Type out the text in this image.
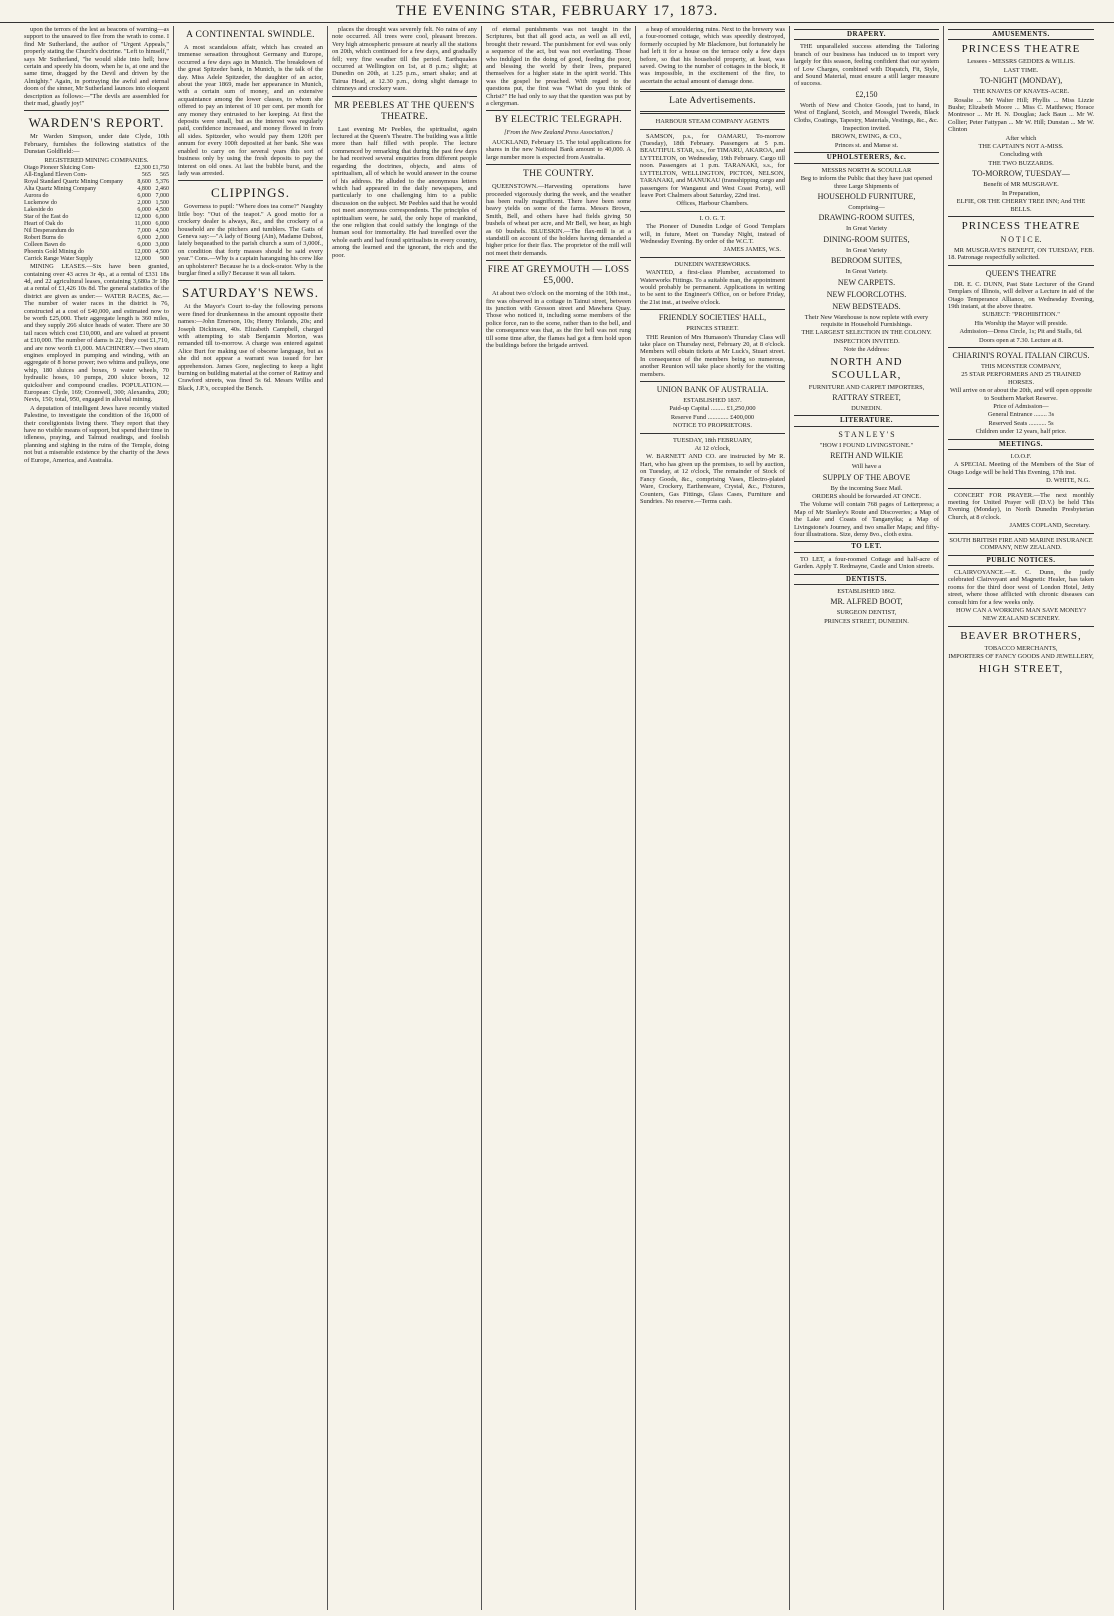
THE EVENING STAR, FEBRUARY 17, 1873.

upon the terrors of the lest as beacons of warning—as support to the unsaved to flee from the wrath to come. I find Mr Sutherland, the author of "Urgent Appeals," properly stating the Church's doctrine. "Left to himself," says Mr Sutherland, "he would slide into hell; how certain and speedy his doom, when he is, at one and the same time, dragged by the Devil and driven by the Almighty." Again, in portraying the awful and eternal doom of the sinner, Mr Sutherland launces into eloquent description as follows:—"The devils are assembled for their mad, ghastly joy!"

WARDEN'S REPORT.

Mr Warden Simpson, under date Clyde, 10th February, furnishes the following statistics of the Dunstan Goldfield:—

REGISTERED MINING COMPANIES.
Otago Pioneer Sluicing Com-	£2,300	£1,750
All-England Eleven Com-	565	565
Royal Standard Quartz Mining Company	8,600	5,376
Alta Quartz Mining Company	4,800	2,460
Aurora do	6,000	7,000
Luckenow do	2,000	1,500
Lakeside do	6,000	4,500
Star of the East do	12,000	6,000
Heart of Oak do	11,000	6,000
Nil Desperandum do	7,000	4,500
Robert Burns do	6,000	2,000
Colleen Bawn do	6,000	3,000
Phoenix Gold Mining do	12,000	4,500
Carrick Range Water Supply	12,000	900

MINING LEASES.—Six have been granted, containing over 43 acres 3r 4p., at a rental of £331 18s 4d, and 22 agricultural leases, containing 3,680a 3r 18p at a rental of £1,426 10s 8d. The general statistics of the district are given as under:— WATER RACES, &c.—The number of water races in the district is 76, constructed at a cost of £40,000, and estimated now to be worth £25,000. Their aggregate length is 360 miles, and they supply 266 sluice heads of water. There are 30 tail races which cost £10,000, and are valued at present at £10,000. The number of dams is 22; they cost £1,710, and are now worth £1,000. MACHINERY.—Two steam engines employed in pumping and winding, with an aggregate of 8 horse power; two whims and pulleys, one whip, 180 sluices and boxes, 9 water wheels, 70 hydraulic hoses, 10 pumps, 200 sluice boxes, 12 quicksilver and compound cradles. POPULATION.—European: Clyde, 169; Cromwell, 300; Alexandra, 200; Nevis, 150; total, 950, engaged in alluvial mining.

A deputation of intelligent Jews have recently visited Palestine, to investigate the condition of the 16,000 of their coreligionists living there. They report that they have no visible means of support, but spend their time in idleness, praying, and Talmud readings, and foolish planning and sighing in the ruins of the Temple, doing not but a miserable existence by the charity of the Jews of Europe, America, and Australia.

A CONTINENTAL SWINDLE.

A most scandalous affair, which has created an immense sensation throughout Germany and Europe, occurred a few days ago in Munich. The breakdown of the great Spitzeder bank, in Munich, is the talk of the day. Miss Adele Spitzeder, the daughter of an actor, about the year 1869, made her appearance in Munich, with a certain sum of money, and an extensive acquaintance among the lower classes, to whom she offered to pay an interest of 10 per cent. per month for any money they entrusted to her keeping. At first the deposits were small, but as the interest was regularly paid, confidence increased, and money flowed in from all sides. Spitzeder, who would pay them 120ft per annum for every 100ft deposited at her bank. She was enabled to carry on for several years this sort of business only by using the fresh deposits to pay the interest on old ones. At last the bubble burst, and the lady was arrested.

CLIPPINGS.

Governess to pupil: "Where does tea come?" Naughty little boy: "Out of the teapot." A good motto for a crockery dealer is always, &c., and the crockery of a household are the pitchers and tumblers. The Gatts of Geneva say:—"A lady of Bourg (Ain), Madame Dubost, lately bequeathed to the parish church a sum of 3,000f., on condition that forty masses should be said every year." Cons.—Why is a captain haranguing his crew like an upholsterer? Because he is a dock-orator. Why is the burglar fined a silly? Because it was all taken.

SATURDAY'S NEWS.

At the Mayor's Court to-day the following persons were fined for drunkenness in the amount opposite their names:—John Emerson, 10s; Henry Holands, 20s; and Joseph Dickinson, 40s. Elizabeth Campbell, charged with attempting to stab Benjamin Morton, was remanded till to-morrow. A charge was entered against Alice Burt for making use of obscene language, but as she did not appear a warrant was issued for her apprehension. James Gore, neglecting to keep a light burning on building material at the corner of Rattray and Crawford streets, was fined 5s 6d. Messrs Willis and Black, J.P.'s, occupied the Bench.

places the drought was severely felt. No rains of any note occurred. All trees were cool, pleasant breezes. Very high atmospheric pressure at nearly all the stations on 20th, which continued for a few days, and gradually fell; very fine weather till the period. Earthquakes occurred at Wellington on 1st, at 8 p.m.; slight; at Dunedin on 20th, at 1.25 p.m., smart shake; and at Tairua Head, at 12.30 p.m., doing slight damage to chimneys and crockery ware.

MR PEEBLES AT THE QUEEN'S THEATRE.

Last evening Mr Peebles, the spiritualist, again lectured at the Queen's Theatre. The building was a little more than half filled with people. The lecture commenced by remarking that during the past few days he had received several enquiries from different people regarding the doctrines, objects, and aims of spiritualism, all of which he would answer in the course of his address. He alluded to the anonymous letters which had appeared in the daily newspapers, and particularly to one challenging him to a public discussion on the subject. Mr Peebles said that he would not meet anonymous correspondents. The principles of spiritualism were, he said, the only hope of mankind, the one religion that could satisfy the longings of the human soul for immortality. He had travelled over the whole earth and had found spiritualists in every country, among the learned and the ignorant, the rich and the poor.

of eternal punishments was not taught in the Scriptures, but that all good acts, as well as all evil, brought their reward. The punishment for evil was only a sequence of the act, but was not everlasting. Those who indulged in the doing of good, feeding the poor, and blessing the world by their lives, prepared themselves for a higher state in the spirit world. This was the gospel he preached. With regard to the questions put, the first was "What do you think of Christ?" He had only to say that the question was put by a clergyman.

BY ELECTRIC TELEGRAPH.
[From the New Zealand Press Association.]

AUCKLAND, February 15. The total applications for shares in the new National Bank amount to 40,000. A large number more is expected from Australia.

THE COUNTRY.

QUEENSTOWN.—Harvesting operations have proceeded vigorously during the week, and the weather has been really magnificent. There have been some heavy yields on some of the farms. Messrs Brown, Smith, Bell, and others have had fields giving 50 bushels of wheat per acre, and Mr Bell, we hear, as high as 60 bushels. BLUESKIN.—The flax-mill is at a standstill on account of the holders having demanded a higher price for their flax. The proprietor of the mill will not meet their demands.

FIRE AT GREYMOUTH — LOSS £5,000.

At about two o'clock on the morning of the 10th inst., fire was observed in a cottage in Tainui street, between its junction with Gresson street and Mawhera Quay. Those who noticed it, including some members of the police force, ran to the scene, rather than to the bell, and the consequence was that, as the fire bell was not rung till some time after, the flames had got a firm hold upon the buildings before the brigade arrived.

a heap of smouldering ruins. Next to the brewery was a four-roomed cottage, which was speedily destroyed, formerly occupied by Mr Blackmore, but fortunately he had left it for a house on the terrace only a few days before, so that his household property, at least, was saved. Owing to the number of cottages in the block, it was impossible, in the excitement of the fire, to ascertain the actual amount of damage done.

Late Advertisements.
HARBOUR STEAM COMPANY AGENTS

SAMSON, p.s., for OAMARU, To-morrow (Tuesday), 18th February. Passengers at 5 p.m. BEAUTIFUL STAR, s.s., for TIMARU, AKAROA, and LYTTELTON, on Wednesday, 19th February. Cargo till noon. Passengers at 1 p.m. TARANAKI, s.s., for LYTTELTON, WELLINGTON, PICTON, NELSON, TARANAKI, and MANUKAU (transshipping cargo and passengers for Wanganui and West Coast Ports), will leave Port Chalmers about Saturday, 22nd inst.

Offices, Harbour Chambers.
I. O. G. T.

The Pioneer of Dunedin Lodge of Good Templars will, in future, Meet on Tuesday Night, instead of Wednesday Evening. By order of the W.C.T.

JAMES JAMES, W.S.
DUNEDIN WATERWORKS.

WANTED, a first-class Plumber, accustomed to Waterworks Fittings. To a suitable man, the appointment would probably be permanent. Applications in writing to be sent to the Engineer's Office, on or before Friday, the 21st inst., at twelve o'clock.

FRIENDLY SOCIETIES' HALL,
PRINCES STREET.

THE Reunion of Mrs Humason's Thursday Class will take place on Thursday next, February 20, at 8 o'clock. Members will obtain tickets at Mr Luck's, Stuart street. In consequence of the members being so numerous, another Reunion will take place shortly for the visiting members.

UNION BANK OF AUSTRALIA.
ESTABLISHED 1837.
Paid-up Capital ......... £1,250,000
Reserve Fund ............. £400,000
NOTICE TO PROPRIETORS.
TUESDAY, 18th FEBRUARY,
At 12 o'clock,

W. BARNETT AND CO. are instructed by Mr R. Hart, who has given up the premises, to sell by auction, on Tuesday, at 12 o'clock, The remainder of Stock of Fancy Goods, &c., comprising Vases, Electro-plated Ware, Crockery, Earthenware, Crystal, &c., Fixtures, Counters, Gas Fittings, Glass Cases, Furniture and Sundries. No reserve.—Terms cash.

DRAPERY.

THE unparalleled success attending the Tailoring branch of our business has induced us to import very largely for this season, feeling confident that our system of Low Charges, combined with Dispatch, Fit, Style, and Sound Material, must ensure a still larger measure of success.

£2,150

Worth of New and Choice Goods, just to hand, in West of England, Scotch, and Mossgiel Tweeds, Black Cloths, Coatings, Tapestry, Materials, Vestings, &c., &c.

Inspection invited.
BROWN, EWING, & CO.,
Princes st. and Manse st.
UPHOLSTERERS, &c.
MESSRS NORTH & SCOULLAR
Beg to inform the Public that they have just opened three Large Shipments of
HOUSEHOLD FURNITURE,
Comprising—
DRAWING-ROOM SUITES,
In Great Variety
DINING-ROOM SUITES,
In Great Variety
BEDROOM SUITES,
In Great Variety.
NEW CARPETS.
NEW FLOORCLOTHS.
NEW BEDSTEADS.
Their New Warehouse is now replete with every requisite in Household Furnishings.
THE LARGEST SELECTION IN THE COLONY.
INSPECTION INVITED.
Note the Address:
NORTH AND SCOULLAR,
FURNITURE AND CARPET IMPORTERS,
RATTRAY STREET,
DUNEDIN.
LITERATURE.
S T A N L E Y ' S
"HOW I FOUND LIVINGSTONE."
REITH AND WILKIE
Will have a
SUPPLY OF THE ABOVE
By the incoming Suez Mail.
ORDERS should be forwarded AT ONCE.

The Volume will contain 768 pages of Letterpress; a Map of Mr Stanley's Route and Discoveries; a Map of the Lake and Coasts of Tanganyika; a Map of Livingstone's Journey, and two smaller Maps; and fifty-four illustrations. Size, demy 8vo., cloth extra.

TO LET.

TO LET, a four-roomed Cottage and half-acre of Garden. Apply T. Redmayne, Castle and Union streets.

DENTISTS.
ESTABLISHED 1862.
MR. ALFRED BOOT,
SURGEON DENTIST,
PRINCES STREET, DUNEDIN.
AMUSEMENTS.
PRINCESS THEATRE
Lessees - MESSRS GEDDES & WILLIS.
LAST TIME.
TO-NIGHT (MONDAY),
THE KNAVES OF KNAVES-ACRE.

Rosalie ... Mr Walter Hill; Phyllis ... Miss Lizzie Bushe; Elizabeth Moore ... Miss C. Matthews; Horace Montresor ... Mr H. N. Douglas; Jack Baun ... Mr W. Collier; Peter Fattypan ... Mr W. Hill; Dunstan ... Mr W. Clinton

After which
THE CAPTAIN'S NOT A-MISS.
Concluding with
THE TWO BUZZARDS.
TO-MORROW, TUESDAY—
Benefit of MR MUSGRAVE.
In Preparation,
ELFIE, OR THE CHERRY TREE INN; And THE BELLS.
PRINCESS THEATRE
N O T I C E.

MR MUSGRAVE'S BENEFIT, ON TUESDAY, FEB. 18. Patronage respectfully solicited.

QUEEN'S THEATRE

DR. E. C. DUNN, Past State Lecturer of the Grand Templars of Illinois, will deliver a Lecture in aid of the Otago Temperance Alliance, on Wednesday Evening, 19th instant, at the above theatre.

SUBJECT: "PROHIBITION."
His Worship the Mayor will preside.
Admission—Dress Circle, 1s; Pit and Stalls, 6d.
Doors open at 7.30. Lecture at 8.
CHIARINI'S ROYAL ITALIAN CIRCUS.
THIS MONSTER COMPANY,
25 STAR PERFORMERS AND 25 TRAINED HORSES.
Will arrive on or about the 20th, and will open opposite to Southern Market Reserve.
Price of Admission—
General Entrance ........ 3s
Reserved Seats ........... 5s
Children under 12 years, half price.
MEETINGS.
I.O.O.F.

A SPECIAL Meeting of the Members of the Star of Otago Lodge will be held This Evening, 17th inst.

D. WHITE, N.G.

CONCERT FOR PRAYER.—The next monthly meeting for United Prayer will (D.V.) be held This Evening (Monday), in North Dunedin Presbyterian Church, at 8 o'clock.

JAMES COPLAND, Secretary.
SOUTH BRITISH FIRE AND MARINE INSURANCE COMPANY, NEW ZEALAND.
PUBLIC NOTICES.

CLAIRVOYANCE.—E. C. Dunn, the justly celebrated Clairvoyant and Magnetic Healer, has taken rooms for the third door west of London Hotel, Jetty street, where those afflicted with chronic diseases can consult him for a few weeks only.

HOW CAN A WORKING MAN SAVE MONEY?
NEW ZEALAND SCENERY.
BEAVER BROTHERS,
TOBACCO MERCHANTS,
IMPORTERS OF FANCY GOODS AND JEWELLERY,
HIGH STREET,
